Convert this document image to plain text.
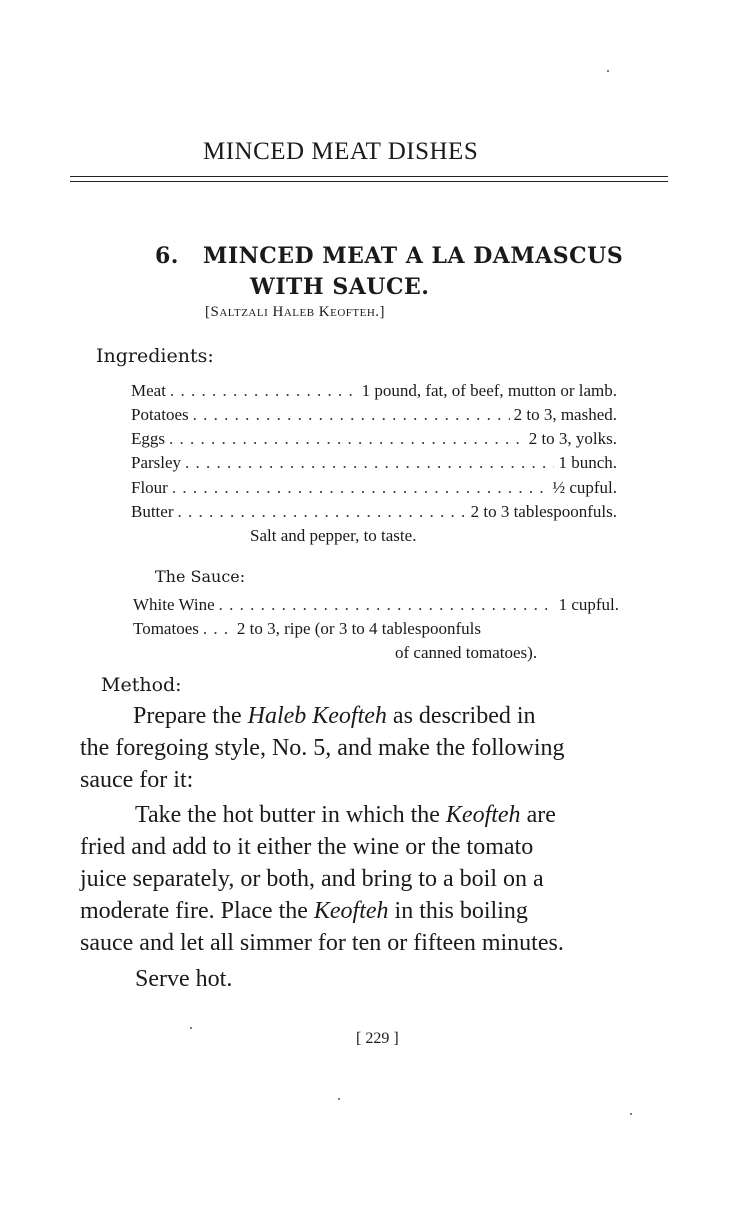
MINCED MEAT DISHES
6. MINCED MEAT A LA DAMASCUS
WITH SAUCE.
[Saltzali Haleb Keofteh.]
Ingredients:
Meat . . .	1 pound, fat, of beef, mutton or lamb.
Potatoes . . .	2 to 3, mashed.
Eggs . . .	2 to 3, yolks.
Parsley . . .	1 bunch.
Flour . . .	½ cupful.
Butter . . .	2 to 3 tablespoonfuls.
Salt and pepper, to taste.
The Sauce:
White Wine . . .	1 cupful.
Tomatoes . . . 2 to 3, ripe (or 3 to 4 tablespoonfuls
of canned tomatoes).
Method:
Prepare the Haleb Keofteh as described in
the foregoing style, No. 5, and make the following
sauce for it:
Take the hot butter in which the Keofteh are
fried and add to it either the wine or the tomato
juice separately, or both, and bring to a boil on a
moderate fire. Place the Keofteh in this boiling
sauce and let all simmer for ten or fifteen minutes.
Serve hot.
[ 229 ]
